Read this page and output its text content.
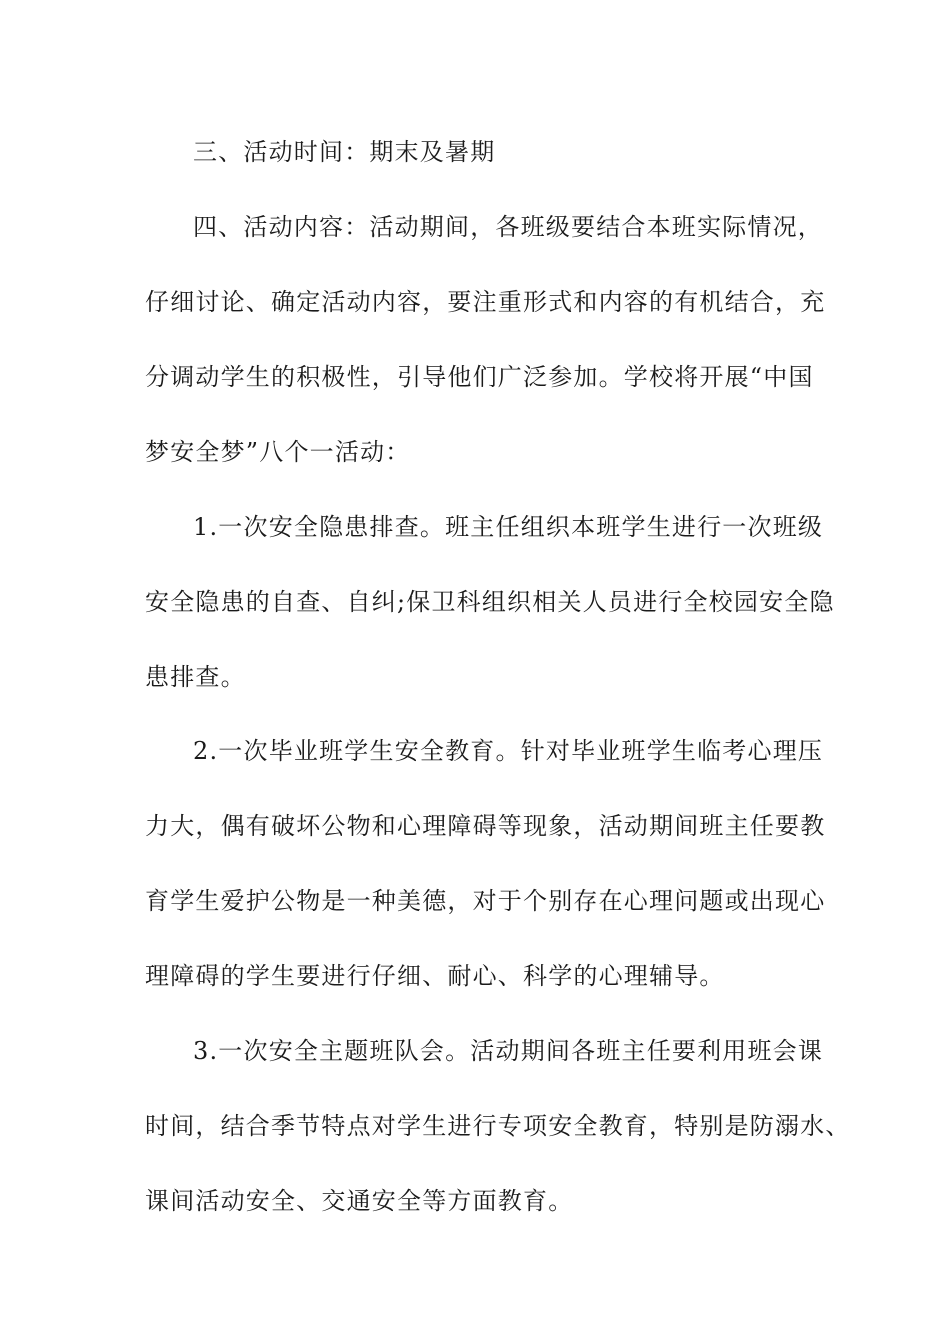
三、活动时间：期末及暑期
四、活动内容：活动期间，各班级要结合本班实际情况，
仔细讨论、确定活动内容，要注重形式和内容的有机结合，充
分调动学生的积极性，引导他们广泛参加。学校将开展“中国
梦安全梦”八个一活动：
1.一次安全隐患排查。班主任组织本班学生进行一次班级
安全隐患的自查、自纠;保卫科组织相关人员进行全校园安全隐
患排查。
2.一次毕业班学生安全教育。针对毕业班学生临考心理压
力大，偶有破坏公物和心理障碍等现象，活动期间班主任要教
育学生爱护公物是一种美德，对于个别存在心理问题或出现心
理障碍的学生要进行仔细、耐心、科学的心理辅导。
3.一次安全主题班队会。活动期间各班主任要利用班会课
时间，结合季节特点对学生进行专项安全教育，特别是防溺水、
课间活动安全、交通安全等方面教育。
